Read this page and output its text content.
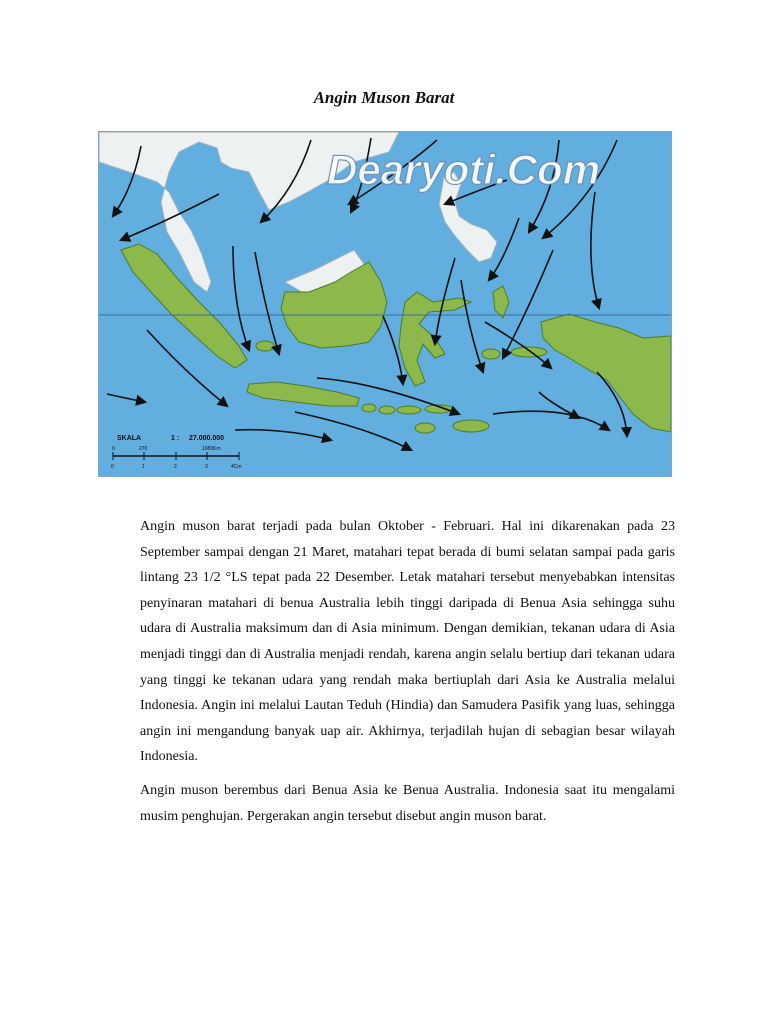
Angin Muson Barat
Dearyoti.Com
SKALA	1 : 27.000.000
0	270	1080Km
0	1	2	3	4Cm

Angin muson barat terjadi pada bulan Oktober - Februari. Hal ini dikarenakan pada 23 September sampai dengan 21 Maret, matahari tepat berada di bumi selatan sampai pada garis lintang 23 1/2 °LS tepat pada 22 Desember. Letak matahari tersebut menyebabkan intensitas penyinaran matahari di benua Australia lebih tinggi daripada di Benua Asia sehingga suhu udara di Australia maksimum dan di Asia minimum. Dengan demikian, tekanan udara di Asia menjadi tinggi dan di Australia menjadi rendah, karena angin selalu bertiup dari tekanan udara yang tinggi ke tekanan udara yang rendah maka bertiuplah dari Asia ke Australia melalui Indonesia. Angin ini melalui Lautan Teduh (Hindia) dan Samudera Pasifik yang luas, sehingga angin ini mengandung banyak uap air. Akhirnya, terjadilah hujan di sebagian besar wilayah Indonesia.

Angin muson berembus dari Benua Asia ke Benua Australia. Indonesia saat itu mengalami musim penghujan. Pergerakan angin tersebut disebut angin muson barat.
